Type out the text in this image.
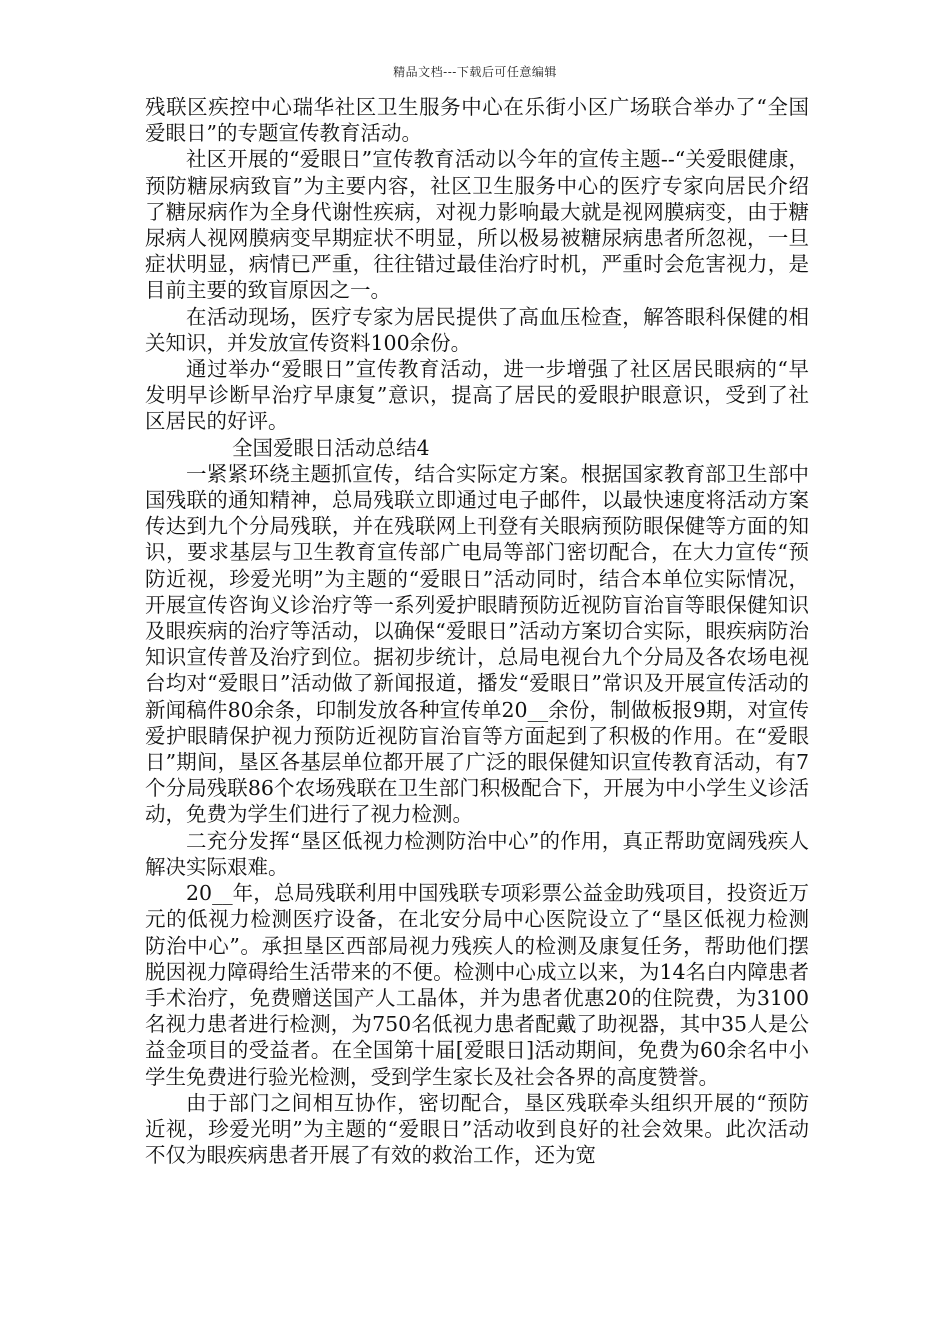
精品文档---下载后可任意编辑

残联区疾控中心瑞华社区卫生服务中心在乐街小区广场联合举办了“全国爱眼日”的专题宣传教育活动。

社区开展的“爱眼日”宣传教育活动以今年的宣传主题--“关爱眼健康，预防糖尿病致盲”为主要内容，社区卫生服务中心的医疗专家向居民介绍了糖尿病作为全身代谢性疾病，对视力影响最大就是视网膜病变，由于糖尿病人视网膜病变早期症状不明显，所以极易被糖尿病患者所忽视，一旦症状明显，病情已严重，往往错过最佳治疗时机，严重时会危害视力，是目前主要的致盲原因之一。

在活动现场，医疗专家为居民提供了高血压检查，解答眼科保健的相关知识，并发放宣传资料100余份。

通过举办“爱眼日”宣传教育活动，进一步增强了社区居民眼病的“早发明早诊断早治疗早康复”意识，提高了居民的爱眼护眼意识，受到了社区居民的好评。

全国爱眼日活动总结4

一紧紧环绕主题抓宣传，结合实际定方案。根据国家教育部卫生部中国残联的通知精神，总局残联立即通过电子邮件，以最快速度将活动方案传达到九个分局残联，并在残联网上刊登有关眼病预防眼保健等方面的知识，要求基层与卫生教育宣传部广电局等部门密切配合，在大力宣传“预防近视，珍爱光明”为主题的“爱眼日”活动同时，结合本单位实际情况，开展宣传咨询义诊治疗等一系列爱护眼睛预防近视防盲治盲等眼保健知识及眼疾病的治疗等活动，以确保“爱眼日”活动方案切合实际，眼疾病防治知识宣传普及治疗到位。据初步统计，总局电视台九个分局及各农场电视台均对“爱眼日”活动做了新闻报道，播发“爱眼日”常识及开展宣传活动的新闻稿件80余条，印制发放各种宣传单20__余份，制做板报9期，对宣传爱护眼睛保护视力预防近视防盲治盲等方面起到了积极的作用。在“爱眼日”期间，垦区各基层单位都开展了广泛的眼保健知识宣传教育活动，有7个分局残联86个农场残联在卫生部门积极配合下，开展为中小学生义诊活动，免费为学生们进行了视力检测。

二充分发挥“垦区低视力检测防治中心”的作用，真正帮助宽阔残疾人解决实际艰难。

20__年，总局残联利用中国残联专项彩票公益金助残项目，投资近万元的低视力检测医疗设备，在北安分局中心医院设立了“垦区低视力检测防治中心”。承担垦区西部局视力残疾人的检测及康复任务，帮助他们摆脱因视力障碍给生活带来的不便。检测中心成立以来，为14名白内障患者手术治疗，免费赠送国产人工晶体，并为患者优惠20的住院费，为3100名视力患者进行检测，为750名低视力患者配戴了助视器，其中35人是公益金项目的受益者。在全国第十届[爱眼日]活动期间，免费为60余名中小学生免费进行验光检测，受到学生家长及社会各界的高度赞誉。

由于部门之间相互协作，密切配合，垦区残联牵头组织开展的“预防近视，珍爱光明”为主题的“爱眼日”活动收到良好的社会效果。此次活动不仅为眼疾病患者开展了有效的救治工作，还为宽
